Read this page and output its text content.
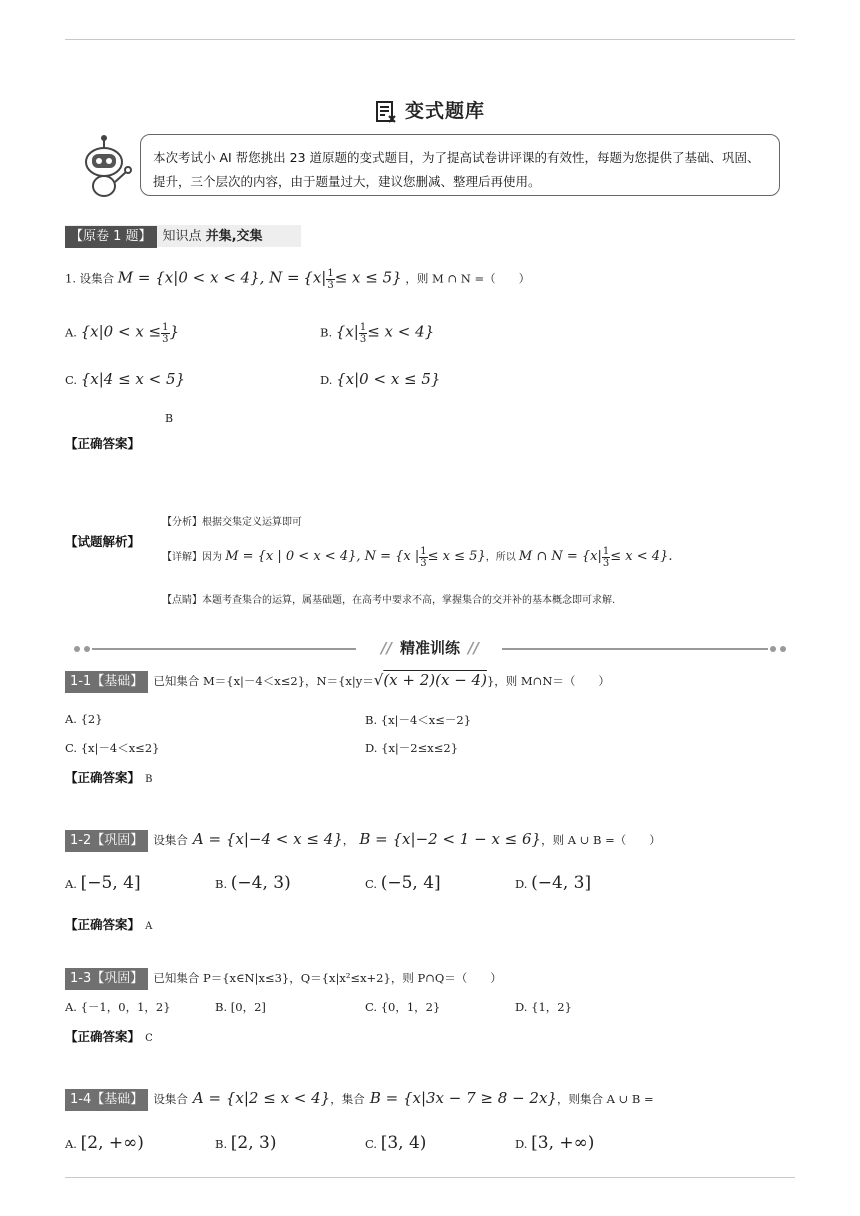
变式题库
本次考试小 AI 帮您挑出 23 道原题的变式题目，为了提高试卷讲评课的有效性，每题为您提供了基础、巩固、
提升，三个层次的内容，由于题量过大，建议您删减、整理后再使用。
【原卷 1 题】 知识点 并集,交集
1. 设集合 M = {x|0 < x < 4}, $N = \{x| \frac{1}{3} \le x \le 5\}$ ，则 M ∩ N =（　　）
A. {$x|0 < x \le \frac{1}{3}$ }	B. $\{x| \frac{1}{3} \le x < 4\}$
C. {x|4 ≤ x < 5}	D. {x|0 < x ≤ 5}
B
【正确答案】
【试题解析】
【分析】根据交集定义运算即可
【详解】因为 M = {x | 0 < x < 4}, N = {x | $\frac{1}{3} \le x \le 5$}，所以 M ∩ $N = \{x| \frac{1}{3} \le x < 4\}$.
【点睛】本题考查集合的运算，属基础题，在高考中要求不高，掌握集合的交并补的基本概念即可求解.
// 精准训练 //
1-1【基础】 已知集合 M＝{x|－4＜x≤2}，N＝{x|y＝√(x + 2)(x − 4)}，则 M∩N＝（　　）
A. {2}	B. {x|－4＜x≤－2}
C. {x|－4＜x≤2}	D. {x|－2≤x≤2}
【正确答案】 B
1-2【巩固】 设集合 A = {x|−4 < x ≤ 4}， B = {x|−2 < 1 − x ≤ 6}，则 A ∪ B =（　　）
A. [−5, 4]	B. (−4, 3)	C. (−5, 4]	D. (−4, 3]
【正确答案】 A
1-3【巩固】 已知集合 P＝{x∈N|x≤3}，Q＝{x|x²≤x+2}，则 P∩Q＝（　　）
A. {－1，0，1，2}	B. [0，2]	C. {0，1，2}	D. {1，2}
【正确答案】 C
1-4【基础】 设集合 A = {x|2 ≤ x < 4}，集合 B = {x|3x − 7 ≥ 8 − 2x}，则集合 A ∪ B =
A. [2, +∞)	B. [2, 3)	C. [3, 4)	D. [3, +∞)
